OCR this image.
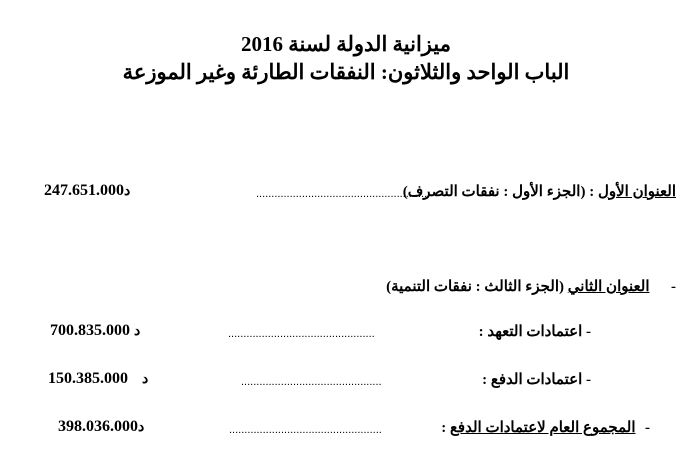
ميزانية الدولة لسنة 2016
الباب الواحد والثلاثون: النفقات الطارئة وغير الموزعة
العنوان الأول : (الجزء الأول : نفقات التصرف)
........................................................
د247.651.000
-  العنوان الثاني (الجزء الثالث : نفقات التنمية)
- اعتمادات التعهد :
................................................
700.835.000 د
- اعتمادات الدفع :
..............................................
د  150.385.000
-  المجموع العام لاعتمادات الدفع :
..................................................
د398.036.000
